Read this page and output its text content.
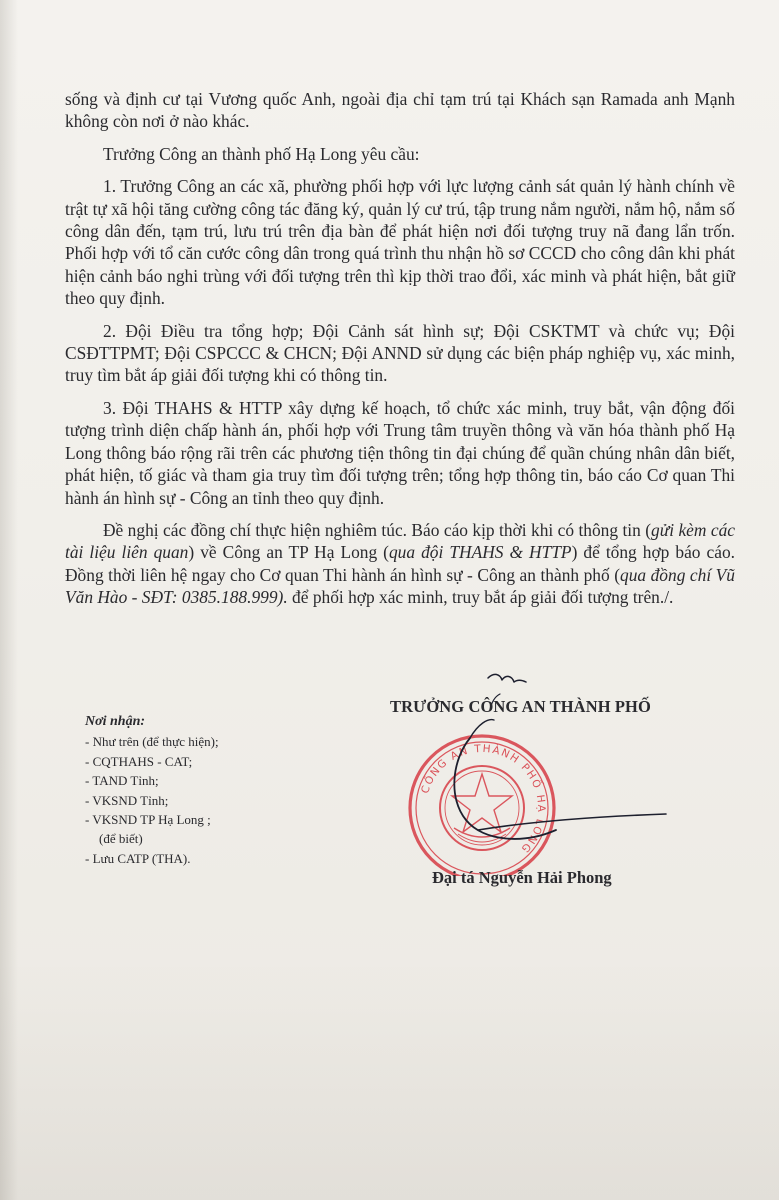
sống và định cư tại Vương quốc Anh, ngoài địa chỉ tạm trú tại Khách sạn Ramada anh Mạnh không còn nơi ở nào khác.

Trưởng Công an thành phố Hạ Long yêu cầu:

1. Trưởng Công an các xã, phường phối hợp với lực lượng cảnh sát quản lý hành chính về trật tự xã hội tăng cường công tác đăng ký, quản lý cư trú, tập trung nắm người, nắm hộ, nắm số công dân đến, tạm trú, lưu trú trên địa bàn để phát hiện nơi đối tượng truy nã đang lẩn trốn. Phối hợp với tổ căn cước công dân trong quá trình thu nhận hồ sơ CCCD cho công dân khi phát hiện cảnh báo nghi trùng với đối tượng trên thì kịp thời trao đổi, xác minh và phát hiện, bắt giữ theo quy định.

2. Đội Điều tra tổng hợp; Đội Cảnh sát hình sự; Đội CSKTMT và chức vụ; Đội CSĐTTPMT; Đội CSPCCC & CHCN; Đội ANND sử dụng các biện pháp nghiệp vụ, xác minh, truy tìm bắt áp giải đối tượng khi có thông tin.

3. Đội THAHS & HTTP xây dựng kế hoạch, tổ chức xác minh, truy bắt, vận động đối tượng trình diện chấp hành án, phối hợp với Trung tâm truyền thông và văn hóa thành phố Hạ Long thông báo rộng rãi trên các phương tiện thông tin đại chúng để quần chúng nhân dân biết, phát hiện, tố giác và tham gia truy tìm đối tượng trên; tổng hợp thông tin, báo cáo Cơ quan Thi hành án hình sự - Công an tỉnh theo quy định.

Đề nghị các đồng chí thực hiện nghiêm túc. Báo cáo kịp thời khi có thông tin (gửi kèm các tài liệu liên quan) về Công an TP Hạ Long (qua đội THAHS & HTTP) để tổng hợp báo cáo. Đồng thời liên hệ ngay cho Cơ quan Thi hành án hình sự - Công an thành phố (qua đồng chí Vũ Văn Hào - SĐT: 0385.188.999). để phối hợp xác minh, truy bắt áp giải đối tượng trên./.

Nơi nhận:
- Như trên (để thực hiện);
- CQTHAHS - CAT;
- TAND Tỉnh;
- VKSND Tỉnh;
- VKSND TP Hạ Long ;
(để biết)
- Lưu CATP (THA).
CÔNG AN THÀNH PHỐ HẠ LONG
TRƯỞNG CÔNG AN THÀNH PHỐ
Đại tá Nguyễn Hải Phong
